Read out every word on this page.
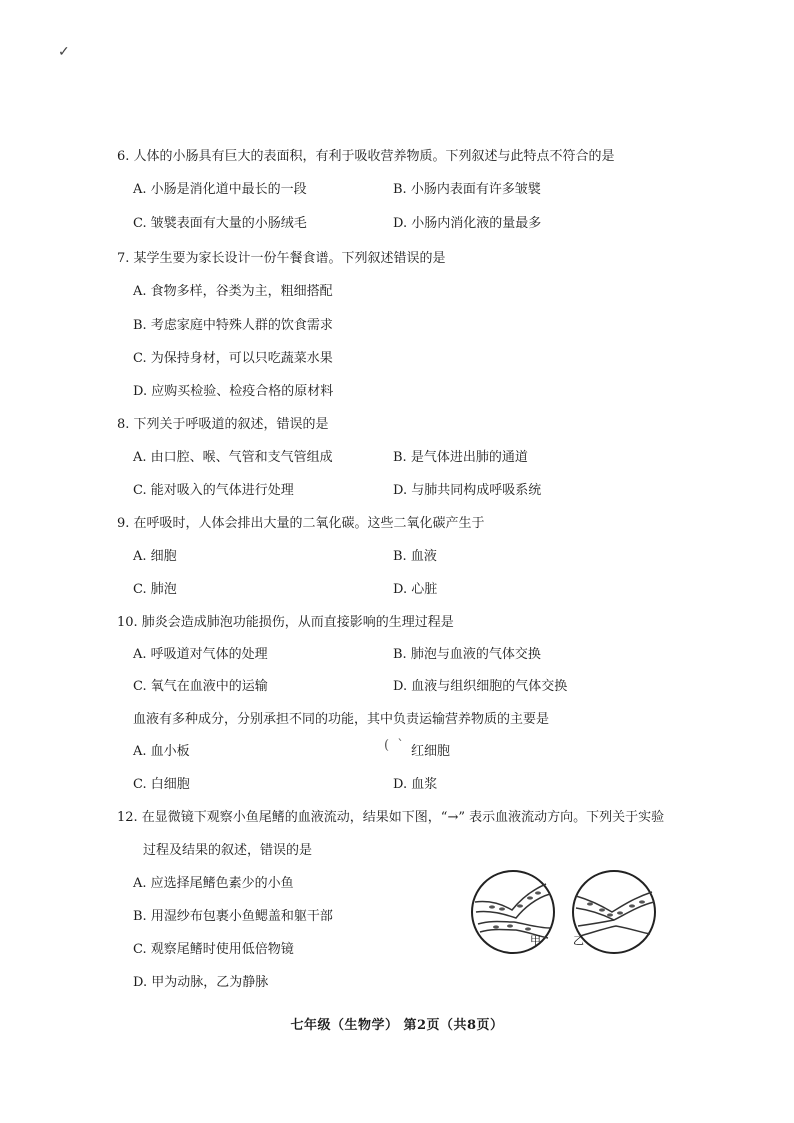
✓
6. 人体的小肠具有巨大的表面积，有利于吸收营养物质。下列叙述与此特点不符合的是
A. 小肠是消化道中最长的一段	B. 小肠内表面有许多皱襞
C. 皱襞表面有大量的小肠绒毛	D. 小肠内消化液的量最多
7. 某学生要为家长设计一份午餐食谱。下列叙述错误的是
A. 食物多样，谷类为主，粗细搭配
B. 考虑家庭中特殊人群的饮食需求
C. 为保持身材，可以只吃蔬菜水果
D. 应购买检验、检疫合格的原材料
8. 下列关于呼吸道的叙述，错误的是
A. 由口腔、喉、气管和支气管组成	B. 是气体进出肺的通道
C. 能对吸入的气体进行处理	D. 与肺共同构成呼吸系统
9. 在呼吸时，人体会排出大量的二氧化碳。这些二氧化碳产生于
A. 细胞	B. 血液
C. 肺泡	D. 心脏
10. 肺炎会造成肺泡功能损伤，从而直接影响的生理过程是
A. 呼吸道对气体的处理	B. 肺泡与血液的气体交换
C. 氧气在血液中的运输	D. 血液与组织细胞的气体交换
血液有多种成分，分别承担不同的功能，其中负责运输营养物质的主要是
A. 血小板	(  ` 红细胞
C. 白细胞	D. 血浆
12. 在显微镜下观察小鱼尾鳍的血液流动，结果如下图，“→” 表示血液流动方向。下列关于实验
过程及结果的叙述，错误的是
A. 应选择尾鳍色素少的小鱼
B. 用湿纱布包裹小鱼鳃盖和躯干部
C. 观察尾鳍时使用低倍物镜
D. 甲为动脉，乙为静脉
甲	乙
七年级（生物学） 第2页（共8页）
